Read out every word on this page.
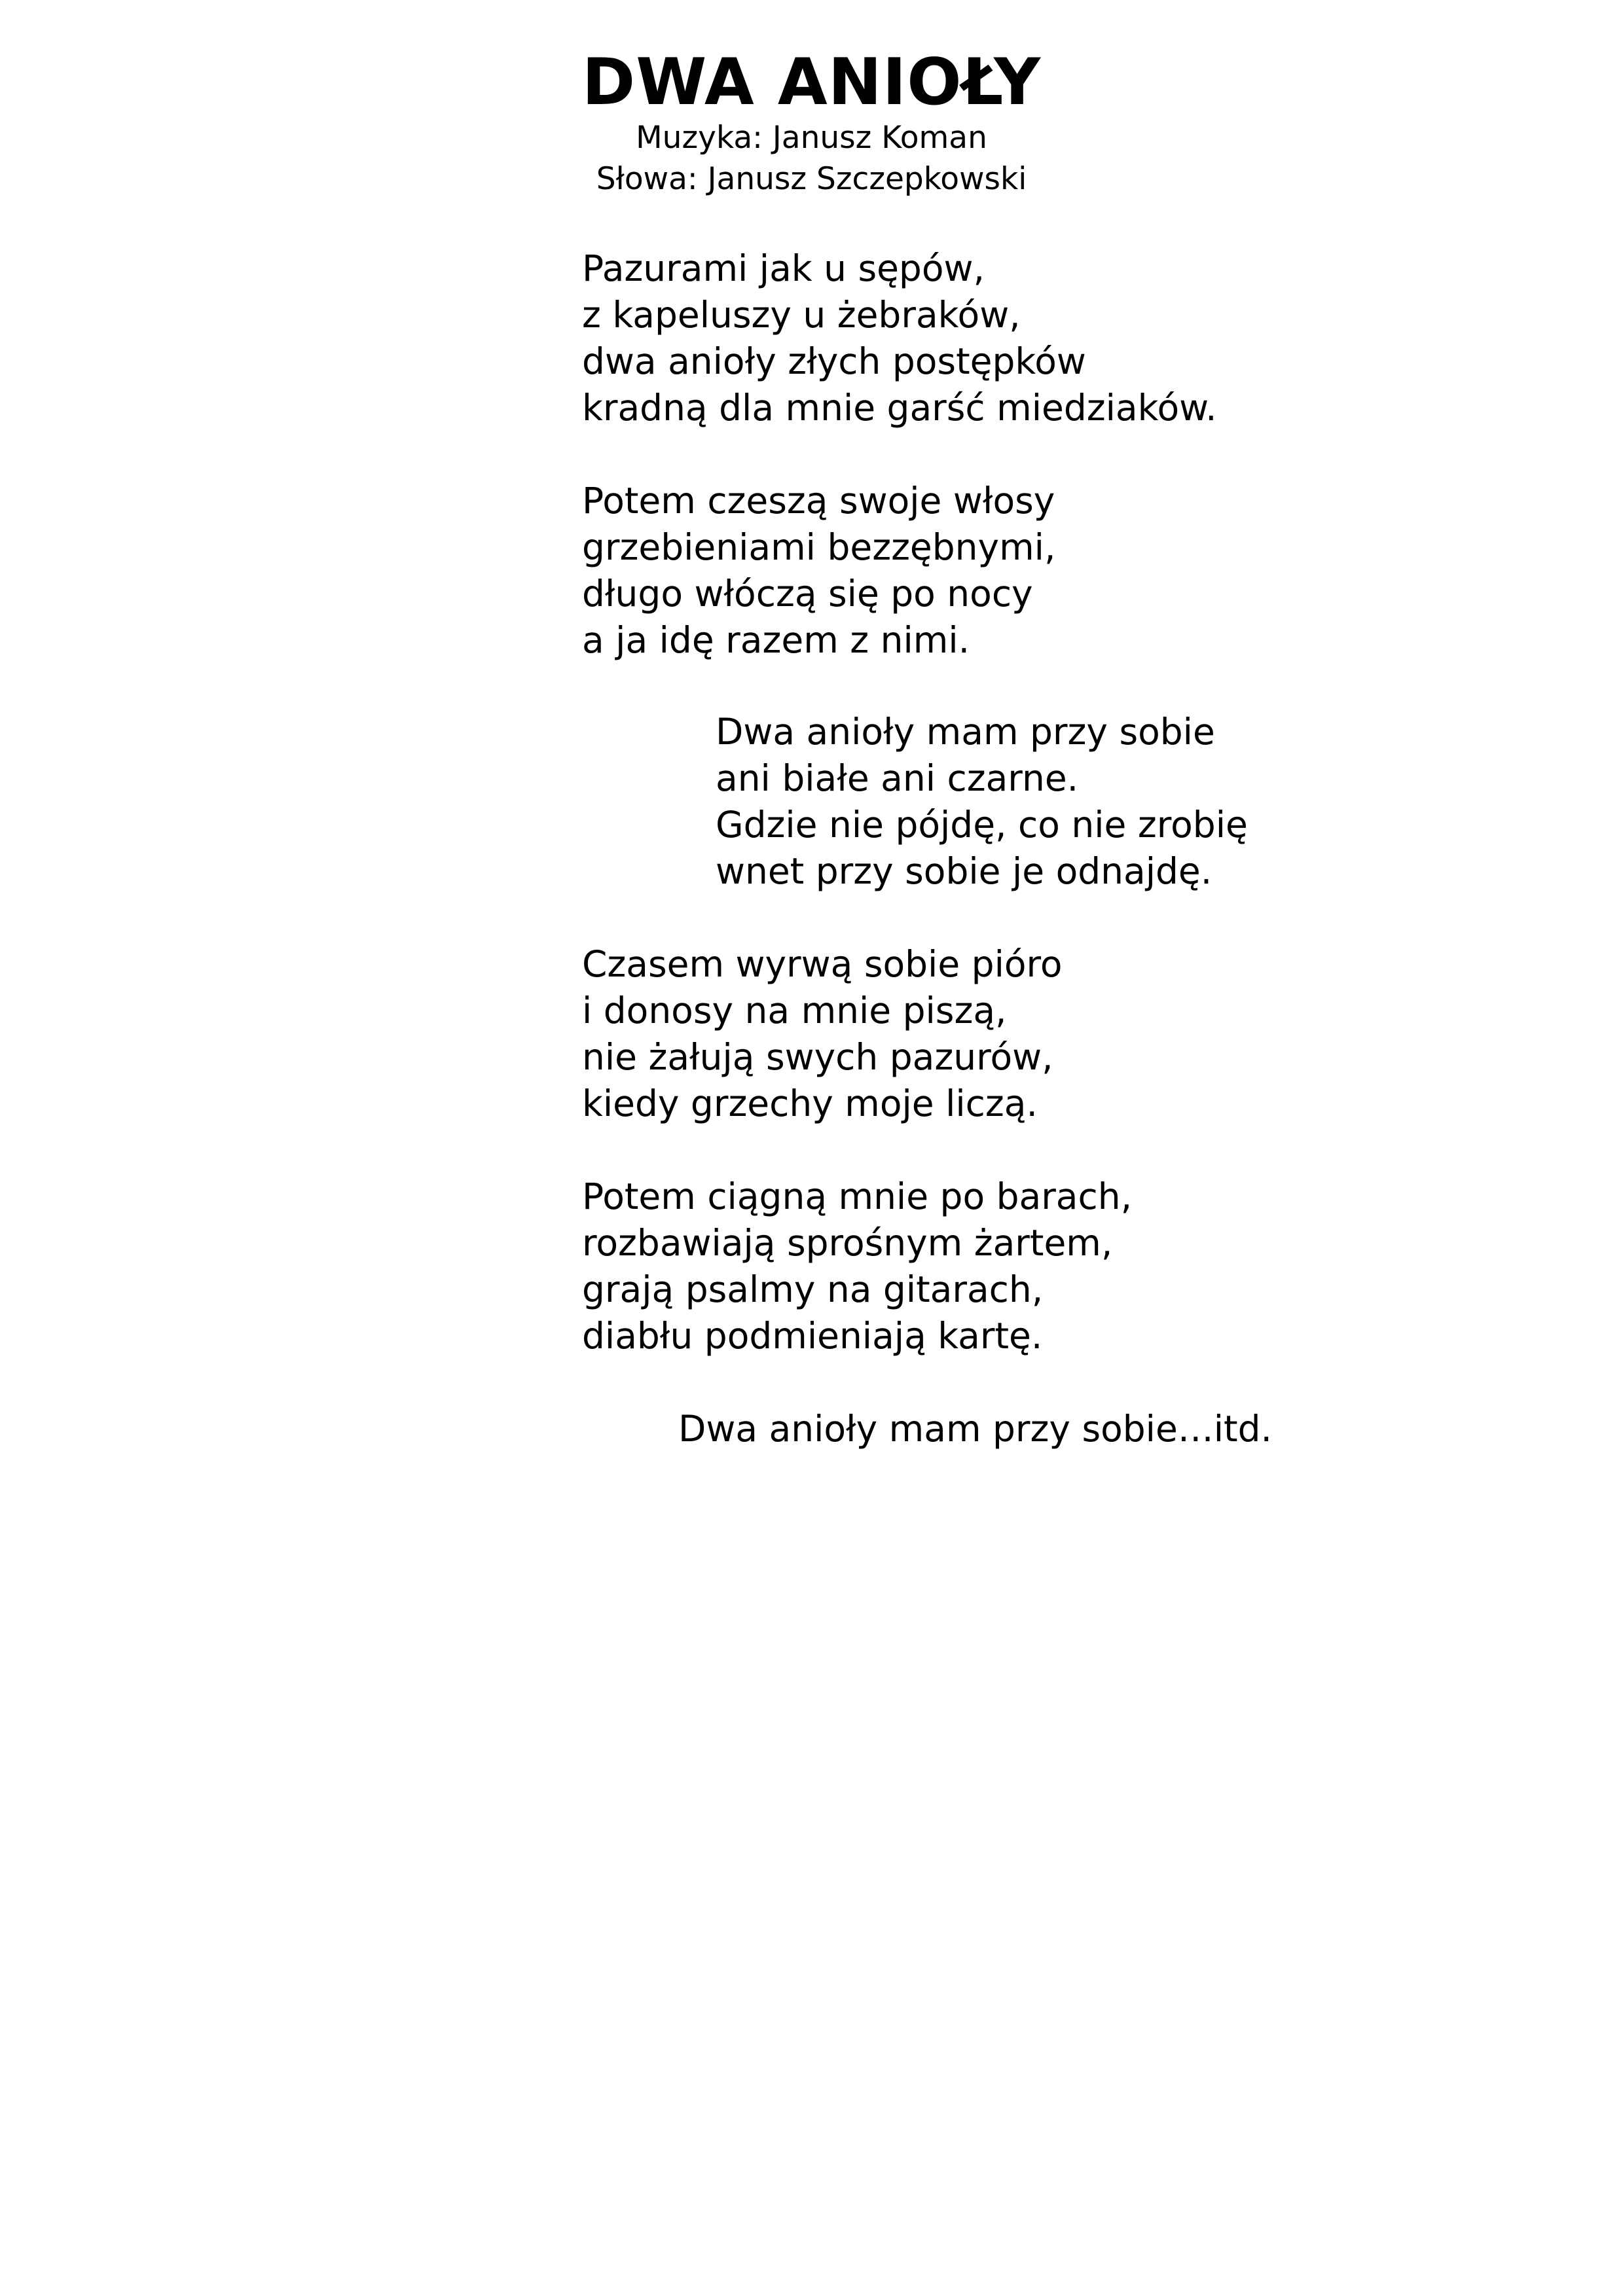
DWA ANIOŁY

Muzyka: Janusz Koman

Słowa: Janusz Szczepkowski

Pazurami jak u sępów,
z kapeluszy u żebraków,
dwa anioły złych postępków
kradną dla mnie garść miedziaków.
Potem czeszą swoje włosy
grzebieniami bezzębnymi,
długo włóczą się po nocy
a ja idę razem z nimi.
Dwa anioły mam przy sobie
ani białe ani czarne.
Gdzie nie pójdę, co nie zrobię
wnet przy sobie je odnajdę.
Czasem wyrwą sobie pióro
i donosy na mnie piszą,
nie żałują swych pazurów,
kiedy grzechy moje liczą.
Potem ciągną mnie po barach,
rozbawiają sprośnym żartem,
grają psalmy na gitarach,
diabłu podmieniają kartę.

Dwa anioły mam przy sobie…itd.
